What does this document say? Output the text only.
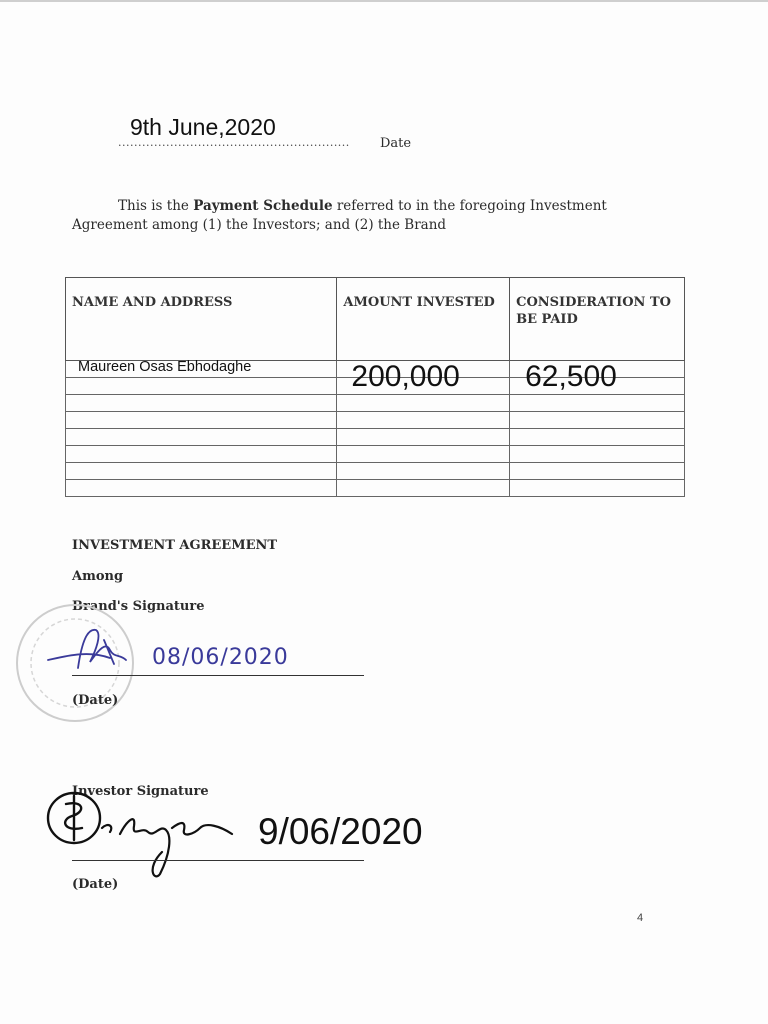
9th June,2020
.......................................................... Date
This is the Payment Schedule referred to in the foregoing Investment
Agreement among (1) the Investors; and (2) the Brand
NAME AND ADDRESS	AMOUNT INVESTED	CONSIDERATION TO BE PAID

Maureen Osas Ebhodaghe	200,000	62,500

INVESTMENT AGREEMENT
Among
Brand's Signature
08/06/2020
(Date)
Investor Signature
9/06/2020
(Date)
4
